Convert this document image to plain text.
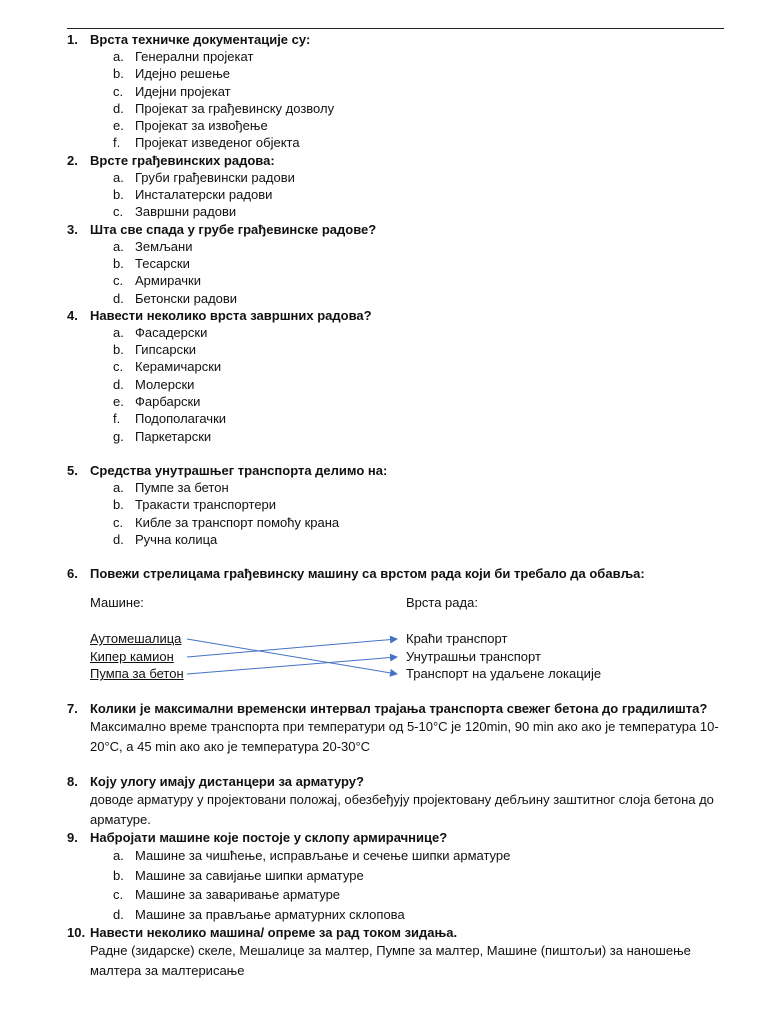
1. Врста техничке документације су:
a. Генерални пројекат
b. Идејно решење
c. Идејни пројекат
d. Пројекат за грађевинску дозволу
e. Пројекат за извођење
f.	Пројекат изведеног објекта
2. Врсте грађевинских радова:
a. Груби грађевински радови
b. Инсталатерски радови
c. Завршни радови
3. Шта све спада у грубе грађевинске радове?
a. Земљани
b. Тесарски
c. Армирачки
d. Бетонски радови
4. Навести неколико врста завршних радова?
a. Фасадерски
b. Гипсарски
c. Керамичарски
d. Молерски
e. Фарбарски
f.	Подополагачки
g. Паркетарски
5. Средства унутрашњег транспорта делимо на:
a. Пумпе за бетон
b. Тракасти транспортери
c. Кибле за транспорт помоћу крана
d. Ручна колица
6. Повежи стрелицама грађевинску машину са врстом рада који би требало да обавља:
Машине:	Врста рада:
Аутомешалица
Кипер камион
Пумпа за бетон
Краћи транспорт
Унутрашњи транспорт
Транспорт на удаљене локације
7. Колики је максимални временски интервал трајања транспорта свежег бетона до градилишта?
Максимално време транспорта при температури од 5-10°C је 120min, 90 min ако ако је температура 10-20°C, а 45 min ако ако је температура 20-30°C
8. Коју улогу имају дистанцери за арматуру?
доводе арматуру у пројектовани положај, обезбеђују пројектовану дебљину заштитног слоја бетона до арматуре.
9. Набројати машине које постоје у склопу армирачнице?
a. Машине за чишћење, исправљање и сечење шипки арматуре
b. Машине за савијање шипки арматуре
c. Машине за заваривање арматуре
d. Машине за прављање арматурних склопова
10. Навести неколико машина/ опреме за рад током зидања.
Радне (зидарске) скеле, Мешалице за малтер, Пумпе за малтер, Машине (пиштољи) за наношење малтера за малтерисање
